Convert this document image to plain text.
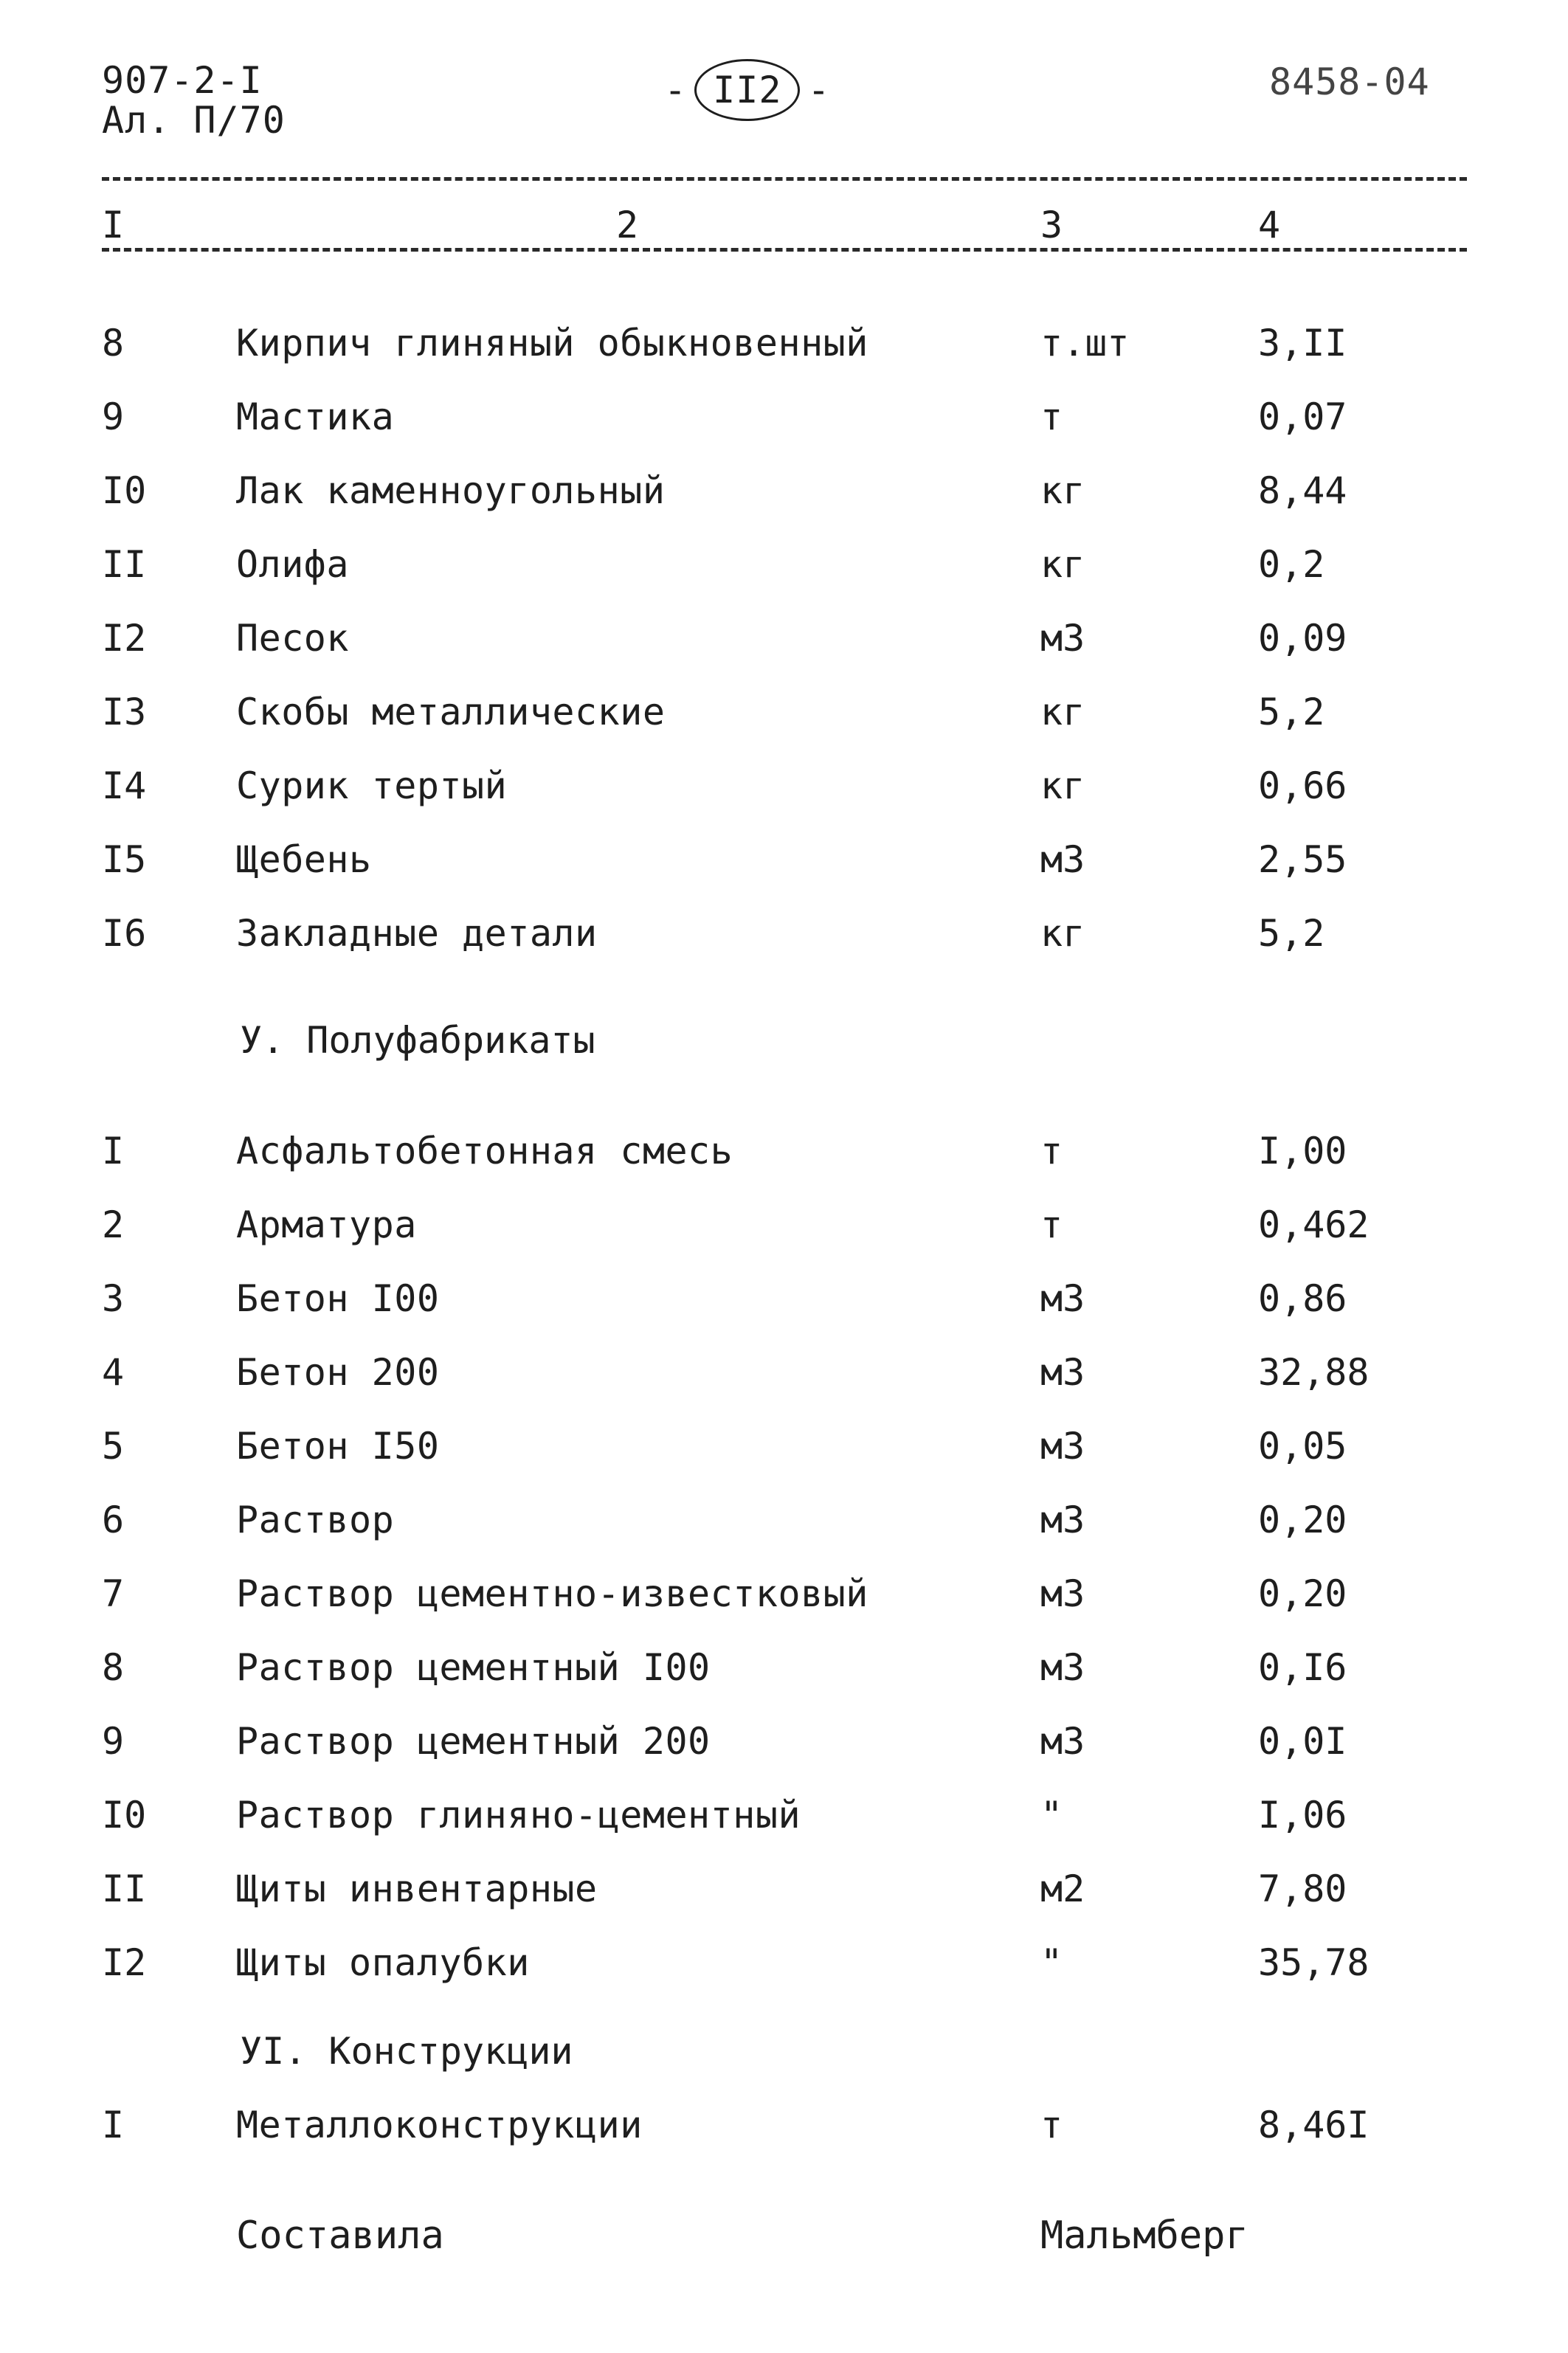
907-2-I
Ал. П/70
- II2 -	8458-04
I	2	3	4
8	Кирпич глиняный обыкновенный	т.шт	3,II
9	Мастика	т	0,07
I0 Лак каменноугольный	кг	8,44
II Олифа	кг	0,2
I2 Песок	м3	0,09
I3 Скобы металлические	кг	5,2
I4 Сурик тертый	кг	0,66
I5 Щебень	м3	2,55
I6 Закладные детали	кг	5,2
У. Полуфабрикаты
I	Асфальтобетонная смесь	т	I,00
2	Арматура	т	0,462
3	Бетон I00	м3	0,86
4	Бетон 200	м3	32,88
5	Бетон I50	м3	0,05
6	Раствор	м3	0,20
7	Раствор цементно-известковый	м3	0,20
8	Раствор цементный I00	м3	0,I6
9	Раствор цементный 200	м3	0,0I
I0 Раствор глиняно-цементный	"	I,06
II Щиты инвентарные	м2	7,80
I2 Щиты опалубки	"	35,78
УI. Конструкции
I	Металлоконструкции	т	8,46I
Составила	Мальмберг
